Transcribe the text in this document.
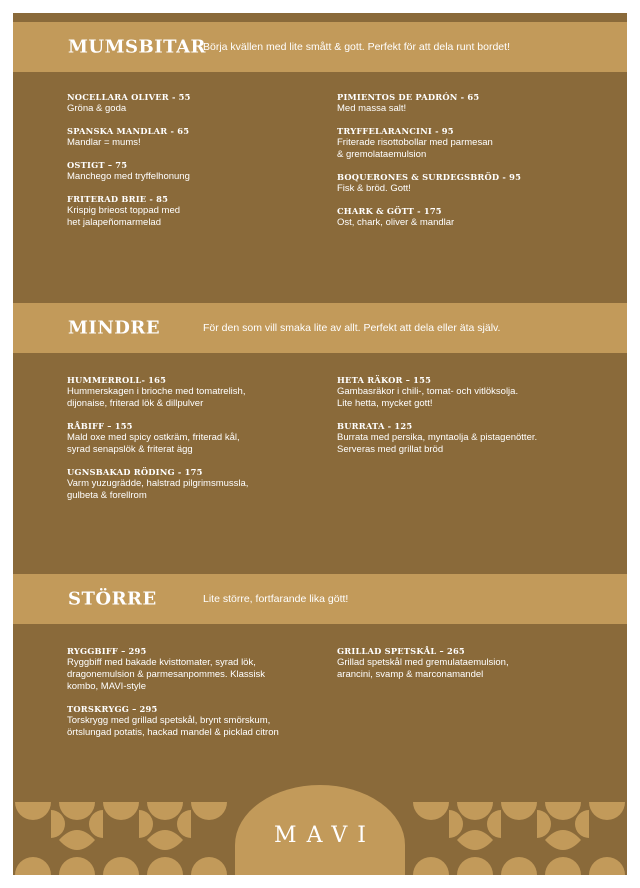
MUMSBITAR
Börja kvällen med lite smått & gott. Perfekt för att dela runt bordet!
NOCELLARA OLIVER - 55
Gröna & goda
SPANSKA MANDLAR - 65
Mandlar = mums!
OSTIGT – 75
Manchego med tryffelhonung
FRITERAD BRIE - 85
Krispig brieost toppad med
het jalapeñomarmelad
PIMIENTOS DE PADRÓN - 65
Med massa salt!
TRYFFELARANCINI - 95
Friterade risottobollar med parmesan
& gremolataemulsion
BOQUERONES & SURDEGSBRÖD - 95
Fisk & bröd. Gott!
CHARK & GÖTT - 175
Ost, chark, oliver & mandlar
MINDRE	För den som vill smaka lite av allt. Perfekt att dela eller äta själv.
HUMMERROLL- 165
Hummerskagen i brioche med tomatrelish,
dijonaise, friterad lök & dillpulver
RÅBIFF – 155
Mald oxe med spicy ostkräm, friterad kål,
syrad senapslök & friterat ägg
UGNSBAKAD RÖDING - 175
Varm yuzugrädde, halstrad pilgrimsmussla,
gulbeta & forellrom
HETA RÄKOR – 155
Gambasräkor i chili-, tomat- och vitlöksolja.
Lite hetta, mycket gott!
BURRATA - 125
Burrata med persika, myntaolja & pistagenötter.
Serveras med grillat bröd
STÖRRE	Lite större, fortfarande lika gött!
RYGGBIFF – 295
Ryggbiff med bakade kvisttomater, syrad lök,
dragonemulsion & parmesanpommes. Klassisk
kombo, MAVI-style
TORSKRYGG – 295
Torskrygg med grillad spetskål, brynt smörskum,
örtslungad potatis, hackad mandel & picklad citron
GRILLAD SPETSKÅL – 265
Grillad spetskål med gremulataemulsion,
arancini, svamp & marconamandel
MAVI
